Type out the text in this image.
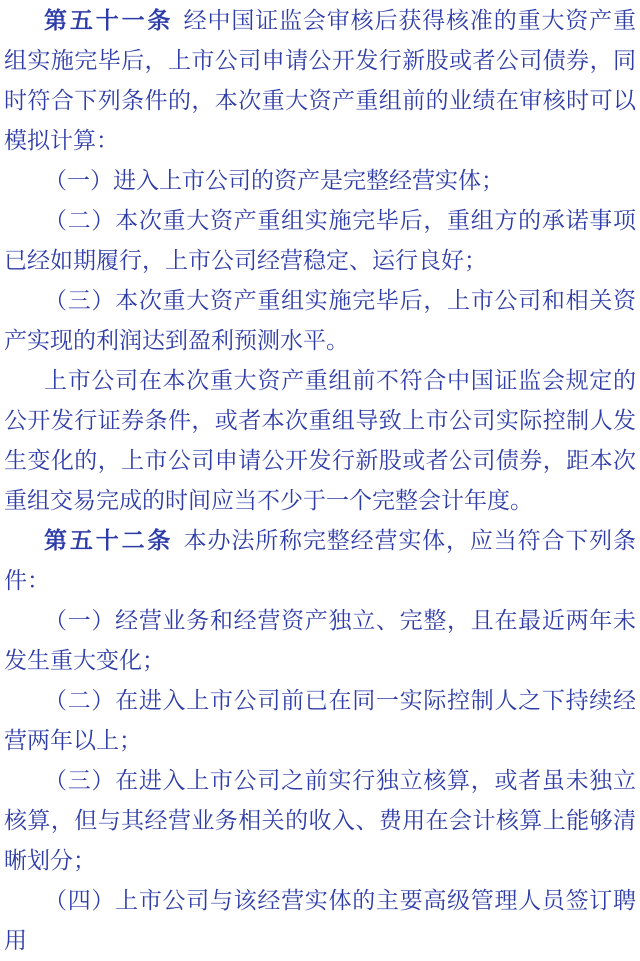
第五十一条 经中国证监会审核后获得核准的重大资产重组实施完毕后，上市公司申请公开发行新股或者公司债券，同时符合下列条件的，本次重大资产重组前的业绩在审核时可以模拟计算：

（一）进入上市公司的资产是完整经营实体；

（二）本次重大资产重组实施完毕后，重组方的承诺事项已经如期履行，上市公司经营稳定、运行良好；

（三）本次重大资产重组实施完毕后，上市公司和相关资产实现的利润达到盈利预测水平。

上市公司在本次重大资产重组前不符合中国证监会规定的公开发行证券条件，或者本次重组导致上市公司实际控制人发生变化的，上市公司申请公开发行新股或者公司债券，距本次重组交易完成的时间应当不少于一个完整会计年度。

第五十二条 本办法所称完整经营实体，应当符合下列条件：

（一）经营业务和经营资产独立、完整，且在最近两年未发生重大变化；

（二）在进入上市公司前已在同一实际控制人之下持续经营两年以上；

（三）在进入上市公司之前实行独立核算，或者虽未独立核算，但与其经营业务相关的收入、费用在会计核算上能够清晰划分；

（四）上市公司与该经营实体的主要高级管理人员签订聘用
